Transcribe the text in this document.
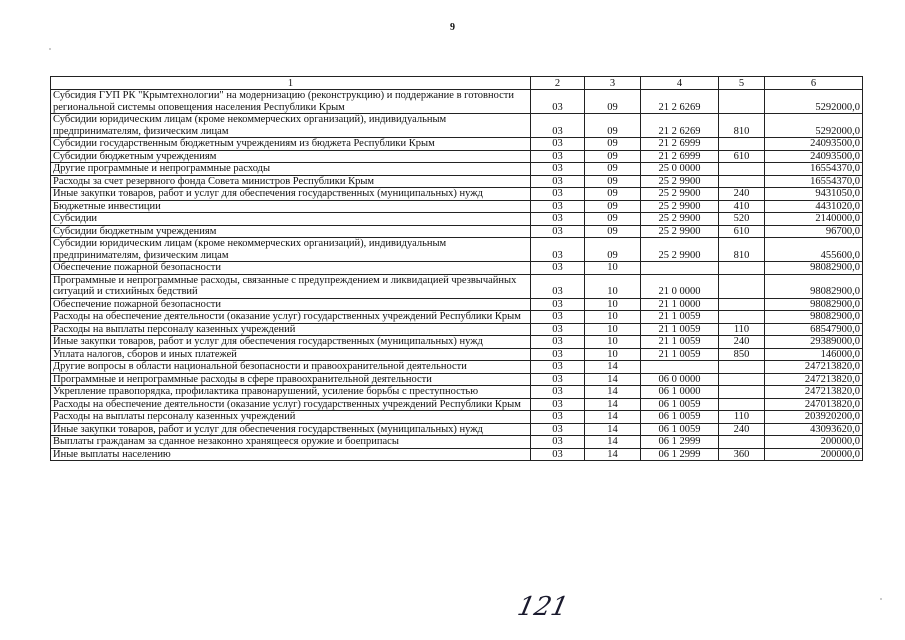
9
1	2	3	4	5	6
Субсидия ГУП РК "Крымтехнологии" на модернизацию (реконструкцию) и поддержание в готовности региональной системы оповещения населения Республики Крым	03	09	21 2 6269		5292000,0
Субсидии юридическим лицам (кроме некоммерческих организаций), индивидуальным предпринимателям, физическим лицам	03	09	21 2 6269	810	5292000,0
Субсидии государственным бюджетным учреждениям из бюджета Республики Крым	03	09	21 2 6999		24093500,0
Субсидии бюджетным учреждениям	03	09	21 2 6999	610	24093500,0
Другие программные и непрограммные расходы	03	09	25 0 0000		16554370,0
Расходы за счет резервного фонда Совета министров Республики Крым	03	09	25 2 9900		16554370,0
Иные закупки товаров, работ и услуг для обеспечения государственных (муниципальных) нужд	03	09	25 2 9900	240	9431050,0
Бюджетные инвестиции	03	09	25 2 9900	410	4431020,0
Субсидии	03	09	25 2 9900	520	2140000,0
Субсидии бюджетным учреждениям	03	09	25 2 9900	610	96700,0
Субсидии юридическим лицам (кроме некоммерческих организаций), индивидуальным предпринимателям, физическим лицам	03	09	25 2 9900	810	455600,0
Обеспечение пожарной безопасности	03	10			98082900,0
Программные и непрограммные расходы, связанные с предупреждением и ликвидацией чрезвычайных ситуаций и стихийных бедствий	03	10	21 0 0000		98082900,0
Обеспечение пожарной безопасности	03	10	21 1 0000		98082900,0
Расходы на обеспечение деятельности (оказание услуг) государственных учреждений Республики Крым	03	10	21 1 0059		98082900,0
Расходы на выплаты персоналу казенных учреждений	03	10	21 1 0059	110	68547900,0
Иные закупки товаров, работ и услуг для обеспечения государственных (муниципальных) нужд	03	10	21 1 0059	240	29389000,0
Уплата налогов, сборов и иных платежей	03	10	21 1 0059	850	146000,0
Другие вопросы в области национальной безопасности и правоохранительной деятельности	03	14			247213820,0
Программные и непрограммные расходы в сфере правоохранительной деятельности	03	14	06 0 0000		247213820,0
Укрепление правопорядка, профилактика правонарушений, усиление борьбы с преступностью	03	14	06 1 0000		247213820,0
Расходы на обеспечение деятельности (оказание услуг) государственных учреждений Республики Крым	03	14	06 1 0059		247013820,0
Расходы на выплаты персоналу казенных учреждений	03	14	06 1 0059	110	203920200,0
Иные закупки товаров, работ и услуг для обеспечения государственных (муниципальных) нужд	03	14	06 1 0059	240	43093620,0
Выплаты гражданам за сданное незаконно хранящееся оружие и боеприпасы	03	14	06 1 2999		200000,0
Иные выплаты населению	03	14	06 1 2999	360	200000,0
121
